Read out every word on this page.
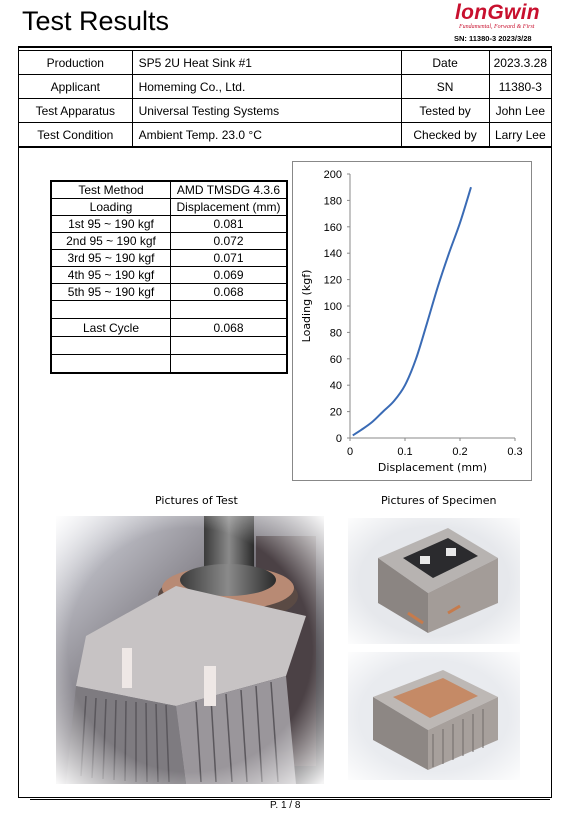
Test Results	lonGwin
Fundamental, Forward & First
SN: 11380-3 2023/3/28
Production	SP5 2U Heat Sink #1	Date	2023.3.28
Applicant	Homeming Co., Ltd.	SN	11380-3
Test Apparatus	Universal Testing Systems	Tested by	John Lee
Test Condition	Ambient Temp. 23.0 °C	Checked by	Larry Lee
Test Method	AMD TMSDG 4.3.6
Loading	Displacement (mm)
1st 95 ~ 190 kgf	0.081
2nd 95 ~ 190 kgf	0.072
3rd 95 ~ 190 kgf	0.071
4th 95 ~ 190 kgf	0.069
5th 95 ~ 190 kgf	0.068

Last Cycle	0.068

0
20
40
60
80
100
120
140
160
180
200
0	0.1	0.2	0.3
Displacement (mm)
Loading (kgf)
Pictures of Test	Pictures of Specimen
P. 1 / 8
